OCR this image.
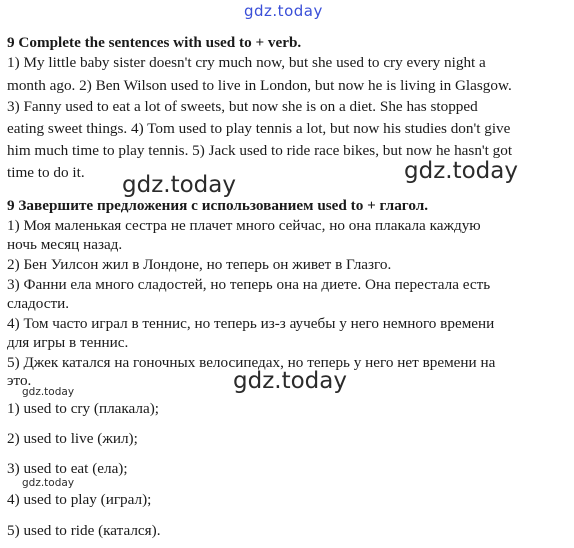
gdz.today
gdz.today
gdz.today
gdz.today
gdz.today
gdz.today
9 Complete the sentences with used to + verb.
1) My little baby sister doesn't cry much now, but she used to cry every night a
month ago. 2) Ben Wilson used to live in London, but now he is living in Glasgow.
3) Fanny used to eat a lot of sweets, but now she is on a diet. She has stopped
eating sweet things. 4) Tom used to play tennis a lot, but now his studies don't give
him much time to play tennis. 5) Jack used to ride race bikes, but now he hasn't got
time to do it.
9 Завершите предложения с использованием used to + глагол.
1) Моя маленькая сестра не плачет много сейчас, но она плакала каждую
ночь месяц назад.
2) Бен Уилсон жил в Лондоне, но теперь он живет в Глазго.
3) Фанни ела много сладостей, но теперь она на диете. Она перестала есть
сладости.
4) Том часто играл в теннис, но теперь из-з аучебы у него немного времени
для игры в теннис.
5) Джек катался на гоночных велосипедах, но теперь у него нет времени на
это.
1) used to cry (плакала);
2) used to live (жил);
3) used to eat (ела);
4) used to play (играл);
5) used to ride (катался).
